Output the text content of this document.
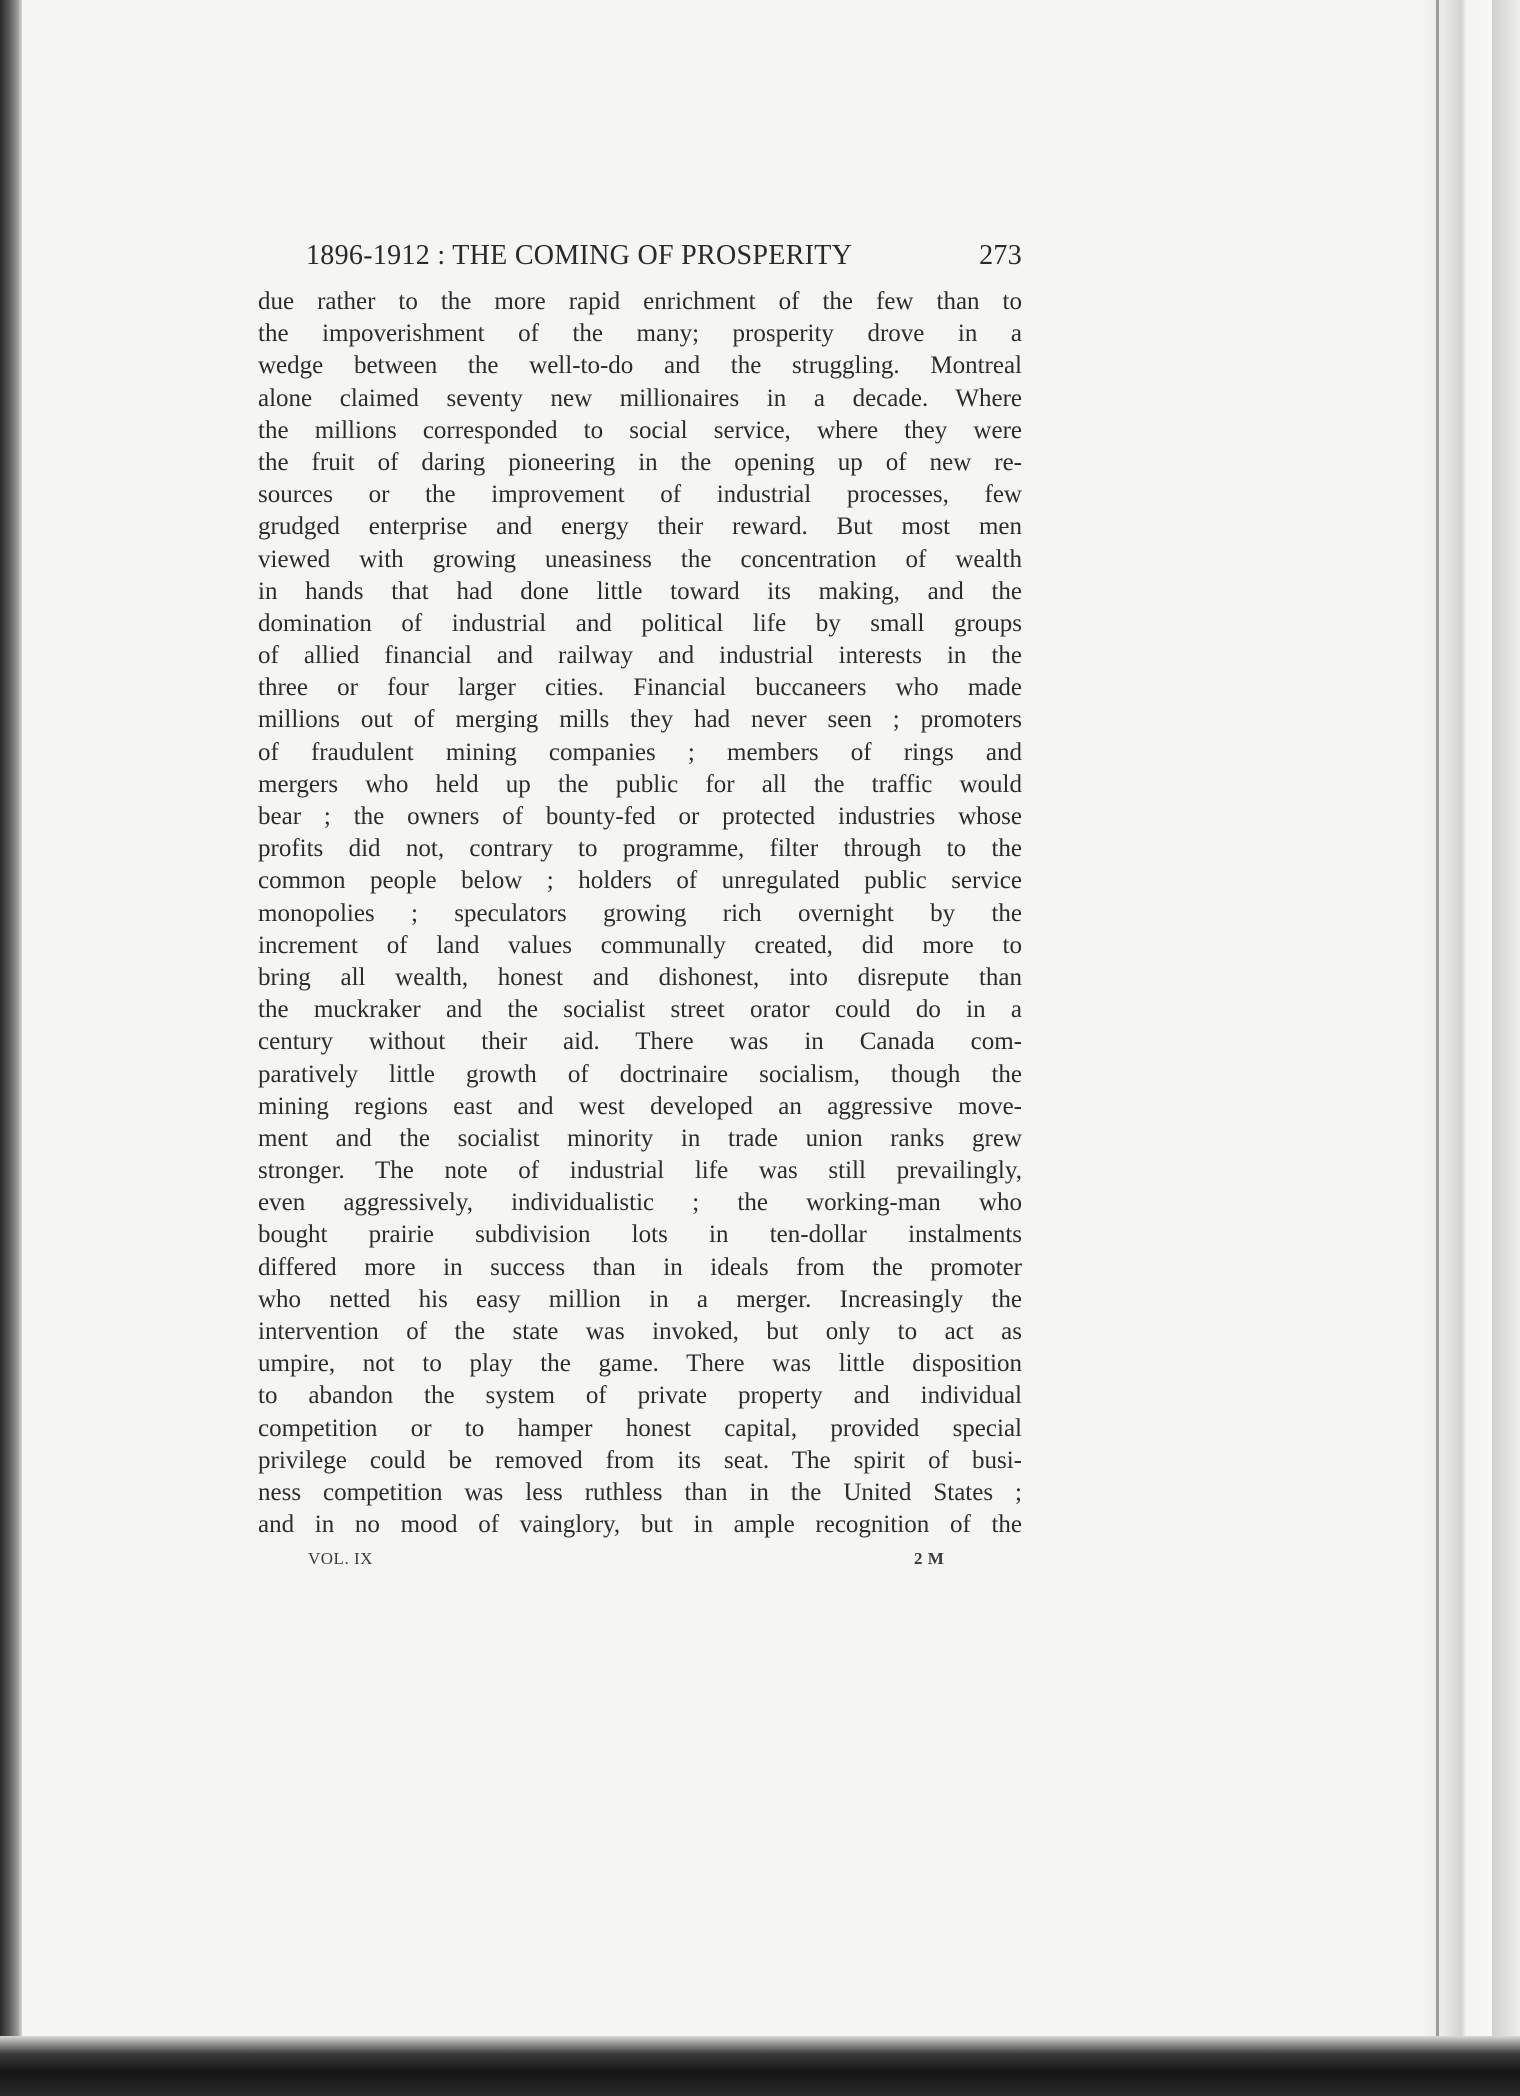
1896-1912 : THE COMING OF PROSPERITY	273
due rather to the more rapid enrichment of the few than to
the impoverishment of the many; prosperity drove in a
wedge between the well-to-do and the struggling. Montreal
alone claimed seventy new millionaires in a decade. Where
the millions corresponded to social service, where they were
the fruit of daring pioneering in the opening up of new re-
sources or the improvement of industrial processes, few
grudged enterprise and energy their reward. But most men
viewed with growing uneasiness the concentration of wealth
in hands that had done little toward its making, and the
domination of industrial and political life by small groups
of allied financial and railway and industrial interests in the
three or four larger cities. Financial buccaneers who made
millions out of merging mills they had never seen ; promoters
of fraudulent mining companies ; members of rings and
mergers who held up the public for all the traffic would
bear ; the owners of bounty-fed or protected industries whose
profits did not, contrary to programme, filter through to the
common people below ; holders of unregulated public service
monopolies ; speculators growing rich overnight by the
increment of land values communally created, did more to
bring all wealth, honest and dishonest, into disrepute than
the muckraker and the socialist street orator could do in a
century without their aid. There was in Canada com-
paratively little growth of doctrinaire socialism, though the
mining regions east and west developed an aggressive move-
ment and the socialist minority in trade union ranks grew
stronger. The note of industrial life was still prevailingly,
even aggressively, individualistic ; the working-man who
bought prairie subdivision lots in ten-dollar instalments
differed more in success than in ideals from the promoter
who netted his easy million in a merger. Increasingly the
intervention of the state was invoked, but only to act as
umpire, not to play the game. There was little disposition
to abandon the system of private property and individual
competition or to hamper honest capital, provided special
privilege could be removed from its seat. The spirit of busi-
ness competition was less ruthless than in the United States ;
and in no mood of vainglory, but in ample recognition of the
VOL. IX	2 M
